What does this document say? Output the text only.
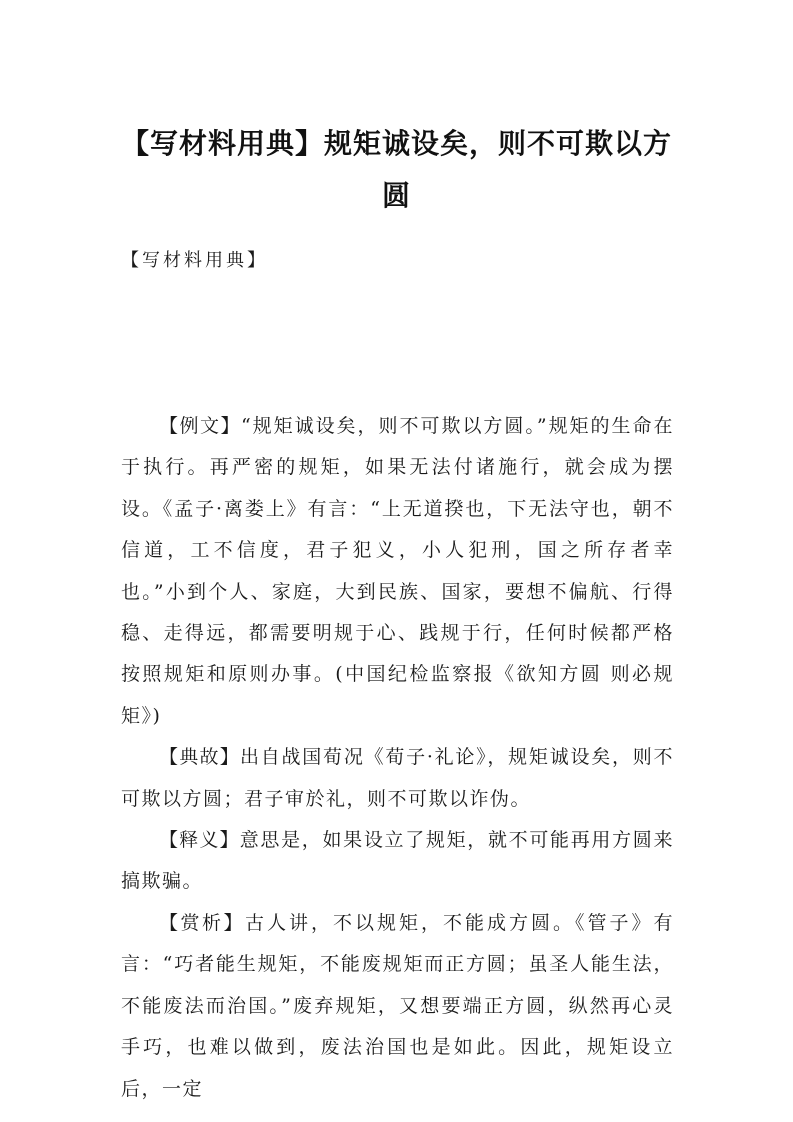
【写材料用典】规矩诚设矣，则不可欺以方
圆
【写材料用典】

【例文】“规矩诚设矣，则不可欺以方圆。”规矩的生命在于执行。再严密的规矩，如果无法付诸施行，就会成为摆设。《孟子·离娄上》有言：“上无道揆也，下无法守也，朝不信道，工不信度，君子犯义，小人犯刑，国之所存者幸也。”小到个人、家庭，大到民族、国家，要想不偏航、行得稳、走得远，都需要明规于心、践规于行，任何时候都严格按照规矩和原则办事。(中国纪检监察报《欲知方圆 则必规矩》)

【典故】出自战国荀况《荀子·礼论》，规矩诚设矣，则不可欺以方圆；君子审於礼，则不可欺以诈伪。

【释义】意思是，如果设立了规矩，就不可能再用方圆来搞欺骗。

【赏析】古人讲，不以规矩，不能成方圆。《管子》有言：“巧者能生规矩，不能废规矩而正方圆；虽圣人能生法，不能废法而治国。”废弃规矩，又想要端正方圆，纵然再心灵手巧，也难以做到，废法治国也是如此。因此，规矩设立后，一定
